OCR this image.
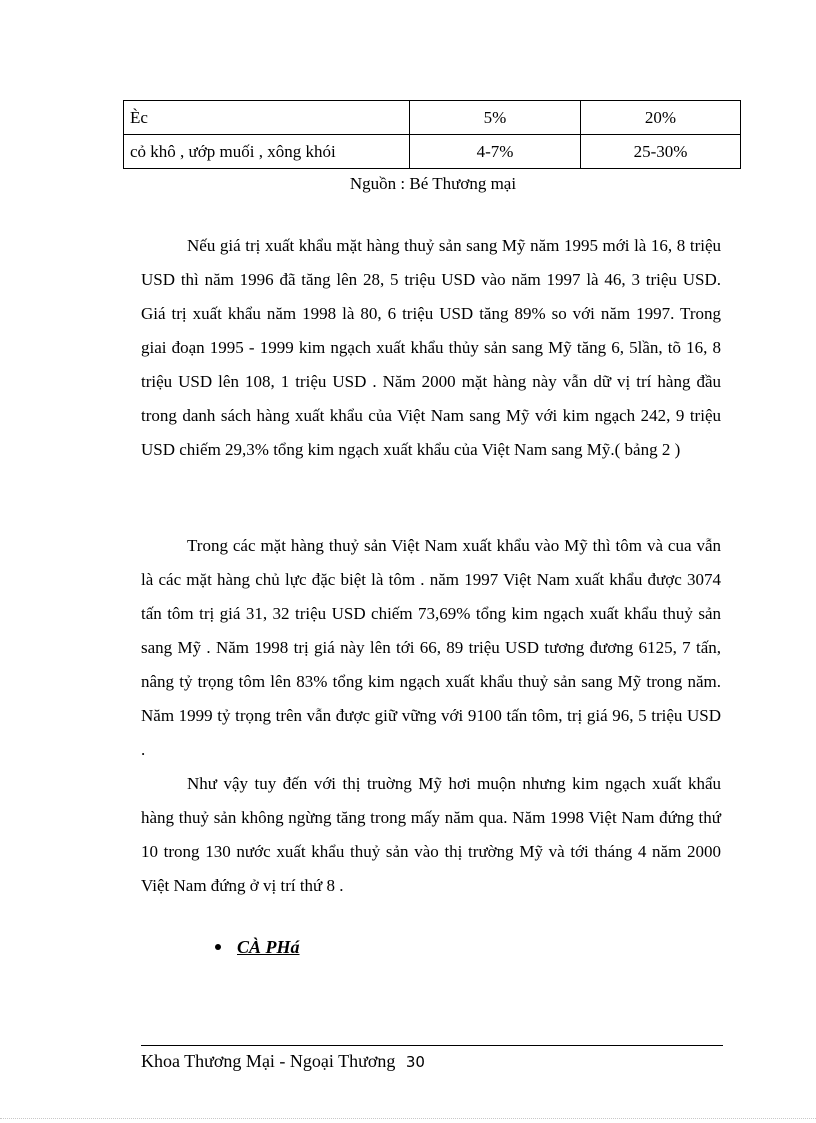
Èc	5%	20%
cỏ khô , ướp muối , xông khói	4-7%	25-30%
Nguồn : Bé Thương mại

Nếu giá trị xuất khẩu mặt hàng thuỷ sản sang Mỹ năm 1995 mới là 16, 8 triệu USD thì năm 1996 đã tăng lên 28, 5 triệu USD vào năm 1997 là 46, 3 triệu USD. Giá trị xuất khẩu năm 1998 là 80, 6 triệu USD tăng 89% so với năm 1997. Trong giai đoạn 1995 - 1999 kim ngạch xuất khẩu thủy sản sang Mỹ tăng 6, 5lần, tõ 16, 8 triệu USD lên 108, 1 triệu USD . Năm 2000 mặt hàng này vẫn dữ vị trí hàng đầu trong danh sách hàng xuất khẩu của Việt Nam sang Mỹ với kim ngạch 242, 9 triệu USD chiếm 29,3% tổng kim ngạch xuất khẩu của Việt Nam sang Mỹ.( bảng 2 )

Trong các mặt hàng thuỷ sản Việt Nam xuất khẩu vào Mỹ thì tôm và cua vẫn là các mặt hàng chủ lực đặc biệt là tôm . năm 1997 Việt Nam xuất khẩu được 3074 tấn tôm trị giá 31, 32 triệu USD chiếm 73,69% tổng kim ngạch xuất khẩu thuỷ sản sang Mỹ . Năm 1998 trị giá này lên tới 66, 89 triệu USD tương đương 6125, 7 tấn, nâng tỷ trọng tôm lên 83% tổng kim ngạch xuất khẩu thuỷ sản sang Mỹ trong năm. Năm 1999 tỷ trọng trên vẫn được giữ vững với 9100 tấn tôm, trị giá 96, 5 triệu USD .

Như vậy tuy đến với thị truờng Mỹ hơi muộn nhưng kim ngạch xuất khẩu hàng thuỷ sản không ngừng tăng trong mấy năm qua. Năm 1998 Việt Nam đứng thứ 10 trong 130 nước xuất khẩu thuỷ sản vào thị trường Mỹ và tới tháng 4 năm 2000 Việt Nam đứng ở vị trí thứ 8 .

CÀ PHá
Khoa Thương Mại - Ngoại Thương 30
